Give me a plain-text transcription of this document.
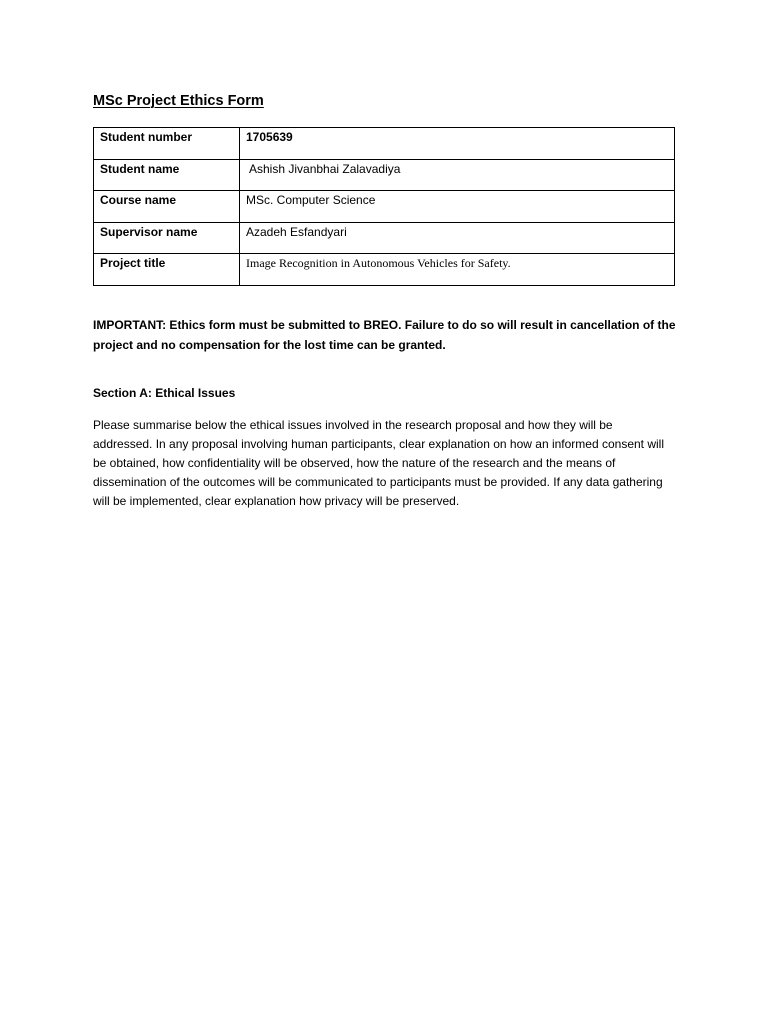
MSc Project Ethics Form
Student number	1705639
Student name	Ashish Jivanbhai Zalavadiya
Course name	MSc. Computer Science
Supervisor name	Azadeh Esfandyari
Project title	Image Recognition in Autonomous Vehicles for Safety.

IMPORTANT: Ethics form must be submitted to BREO. Failure to do so will result in cancellation of the project and no compensation for the lost time can be granted.

Section A: Ethical Issues

Please summarise below the ethical issues involved in the research proposal and how they will be addressed. In any proposal involving human participants, clear explanation on how an informed consent will be obtained, how confidentiality will be observed, how the nature of the research and the means of dissemination of the outcomes will be communicated to participants must be provided. If any data gathering will be implemented, clear explanation how privacy will be preserved.
